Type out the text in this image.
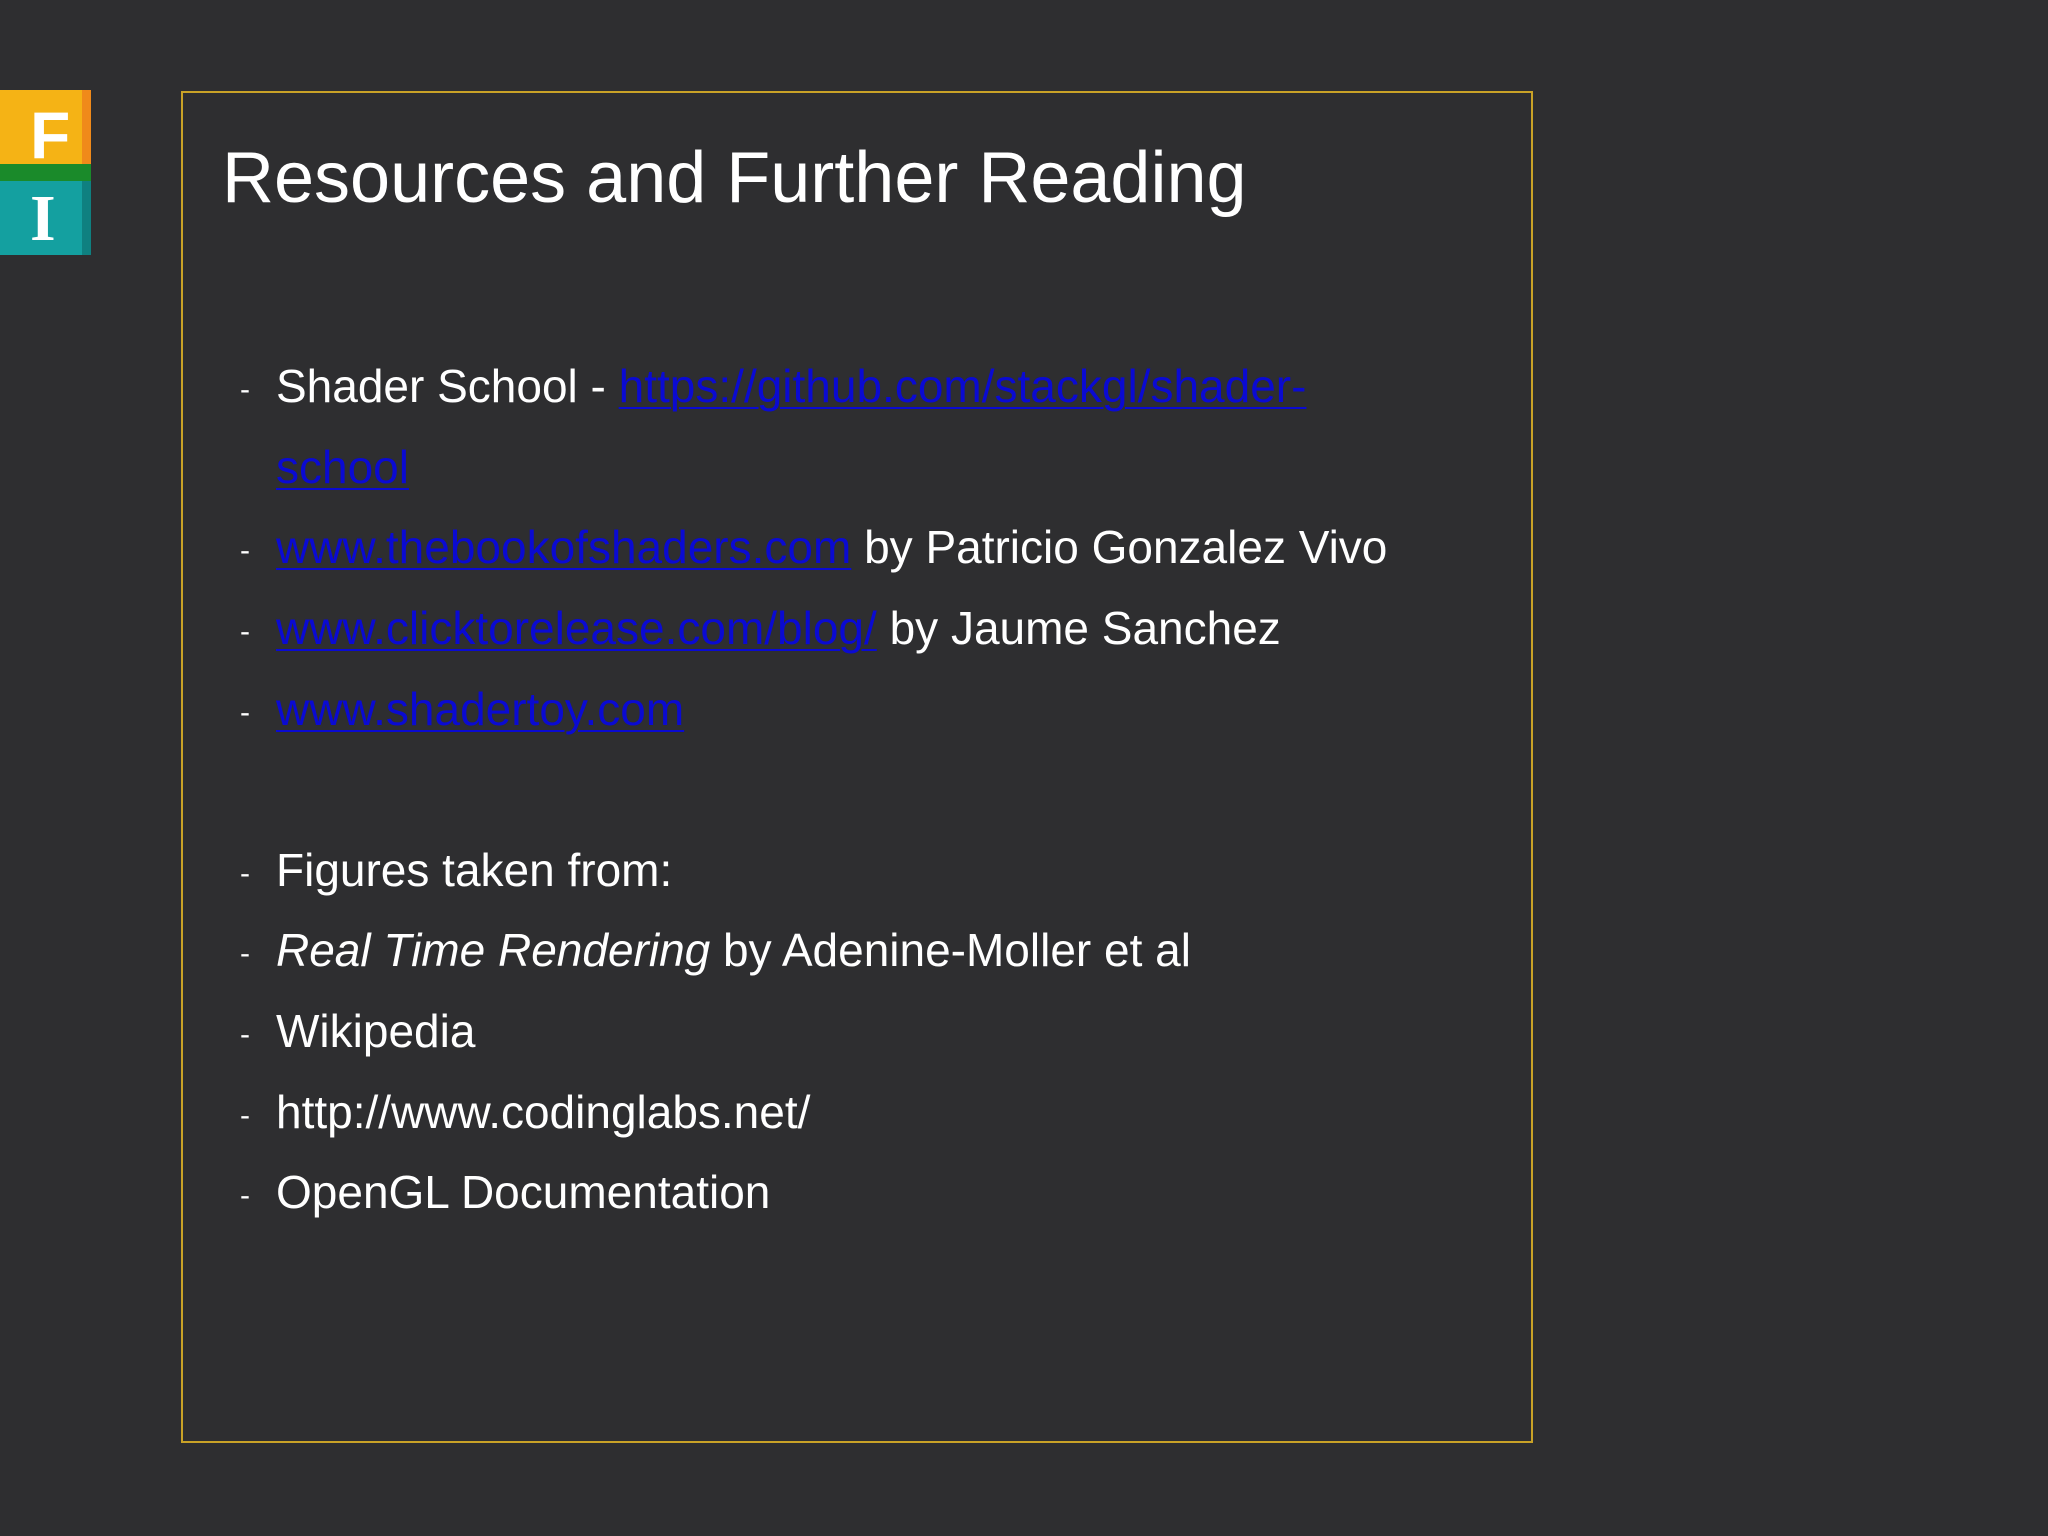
F
I
Resources and Further Reading
- Shader School - https://github.com/stackgl/shader-
school
- www.thebookofshaders.com by Patricio Gonzalez Vivo
- www.clicktorelease.com/blog/ by Jaume Sanchez
- www.shadertoy.com
- Figures taken from:
- Real Time Rendering by Adenine-Moller et al
- Wikipedia
- http://www.codinglabs.net/
- OpenGL Documentation
